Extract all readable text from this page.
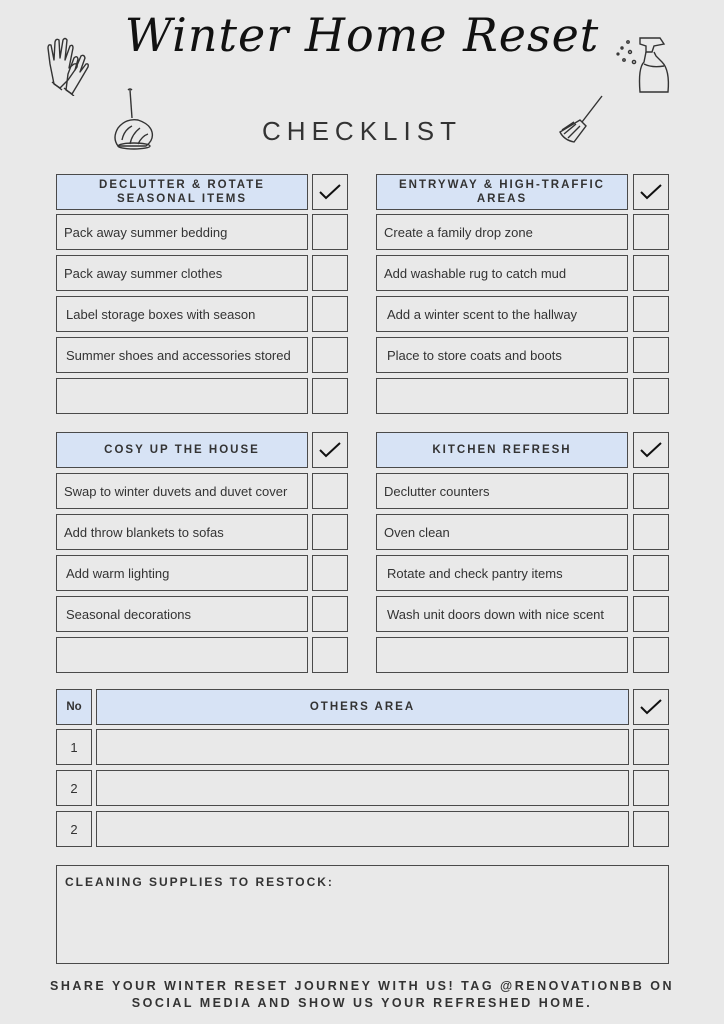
Winter Home Reset
CHECKLIST
DECLUTTER & ROTATE SEASONAL ITEMS
Pack away summer bedding
Pack away summer clothes
Label storage boxes with season
Summer shoes and accessories stored
ENTRYWAY & HIGH-TRAFFIC AREAS
Create a family drop zone
Add washable rug to catch mud
Add a winter scent to the hallway
Place to store coats and boots
COSY UP THE HOUSE
Swap to winter duvets and duvet cover
Add throw blankets to sofas
Add warm lighting
Seasonal decorations
KITCHEN REFRESH
Declutter counters
Oven clean
Rotate and check pantry items
Wash unit doors down with nice scent
No	OTHERS AREA
1
2
2
CLEANING SUPPLIES TO RESTOCK:
SHARE YOUR WINTER RESET JOURNEY WITH US! TAG @RENOVATIONBB ON SOCIAL MEDIA AND SHOW US YOUR REFRESHED HOME.
